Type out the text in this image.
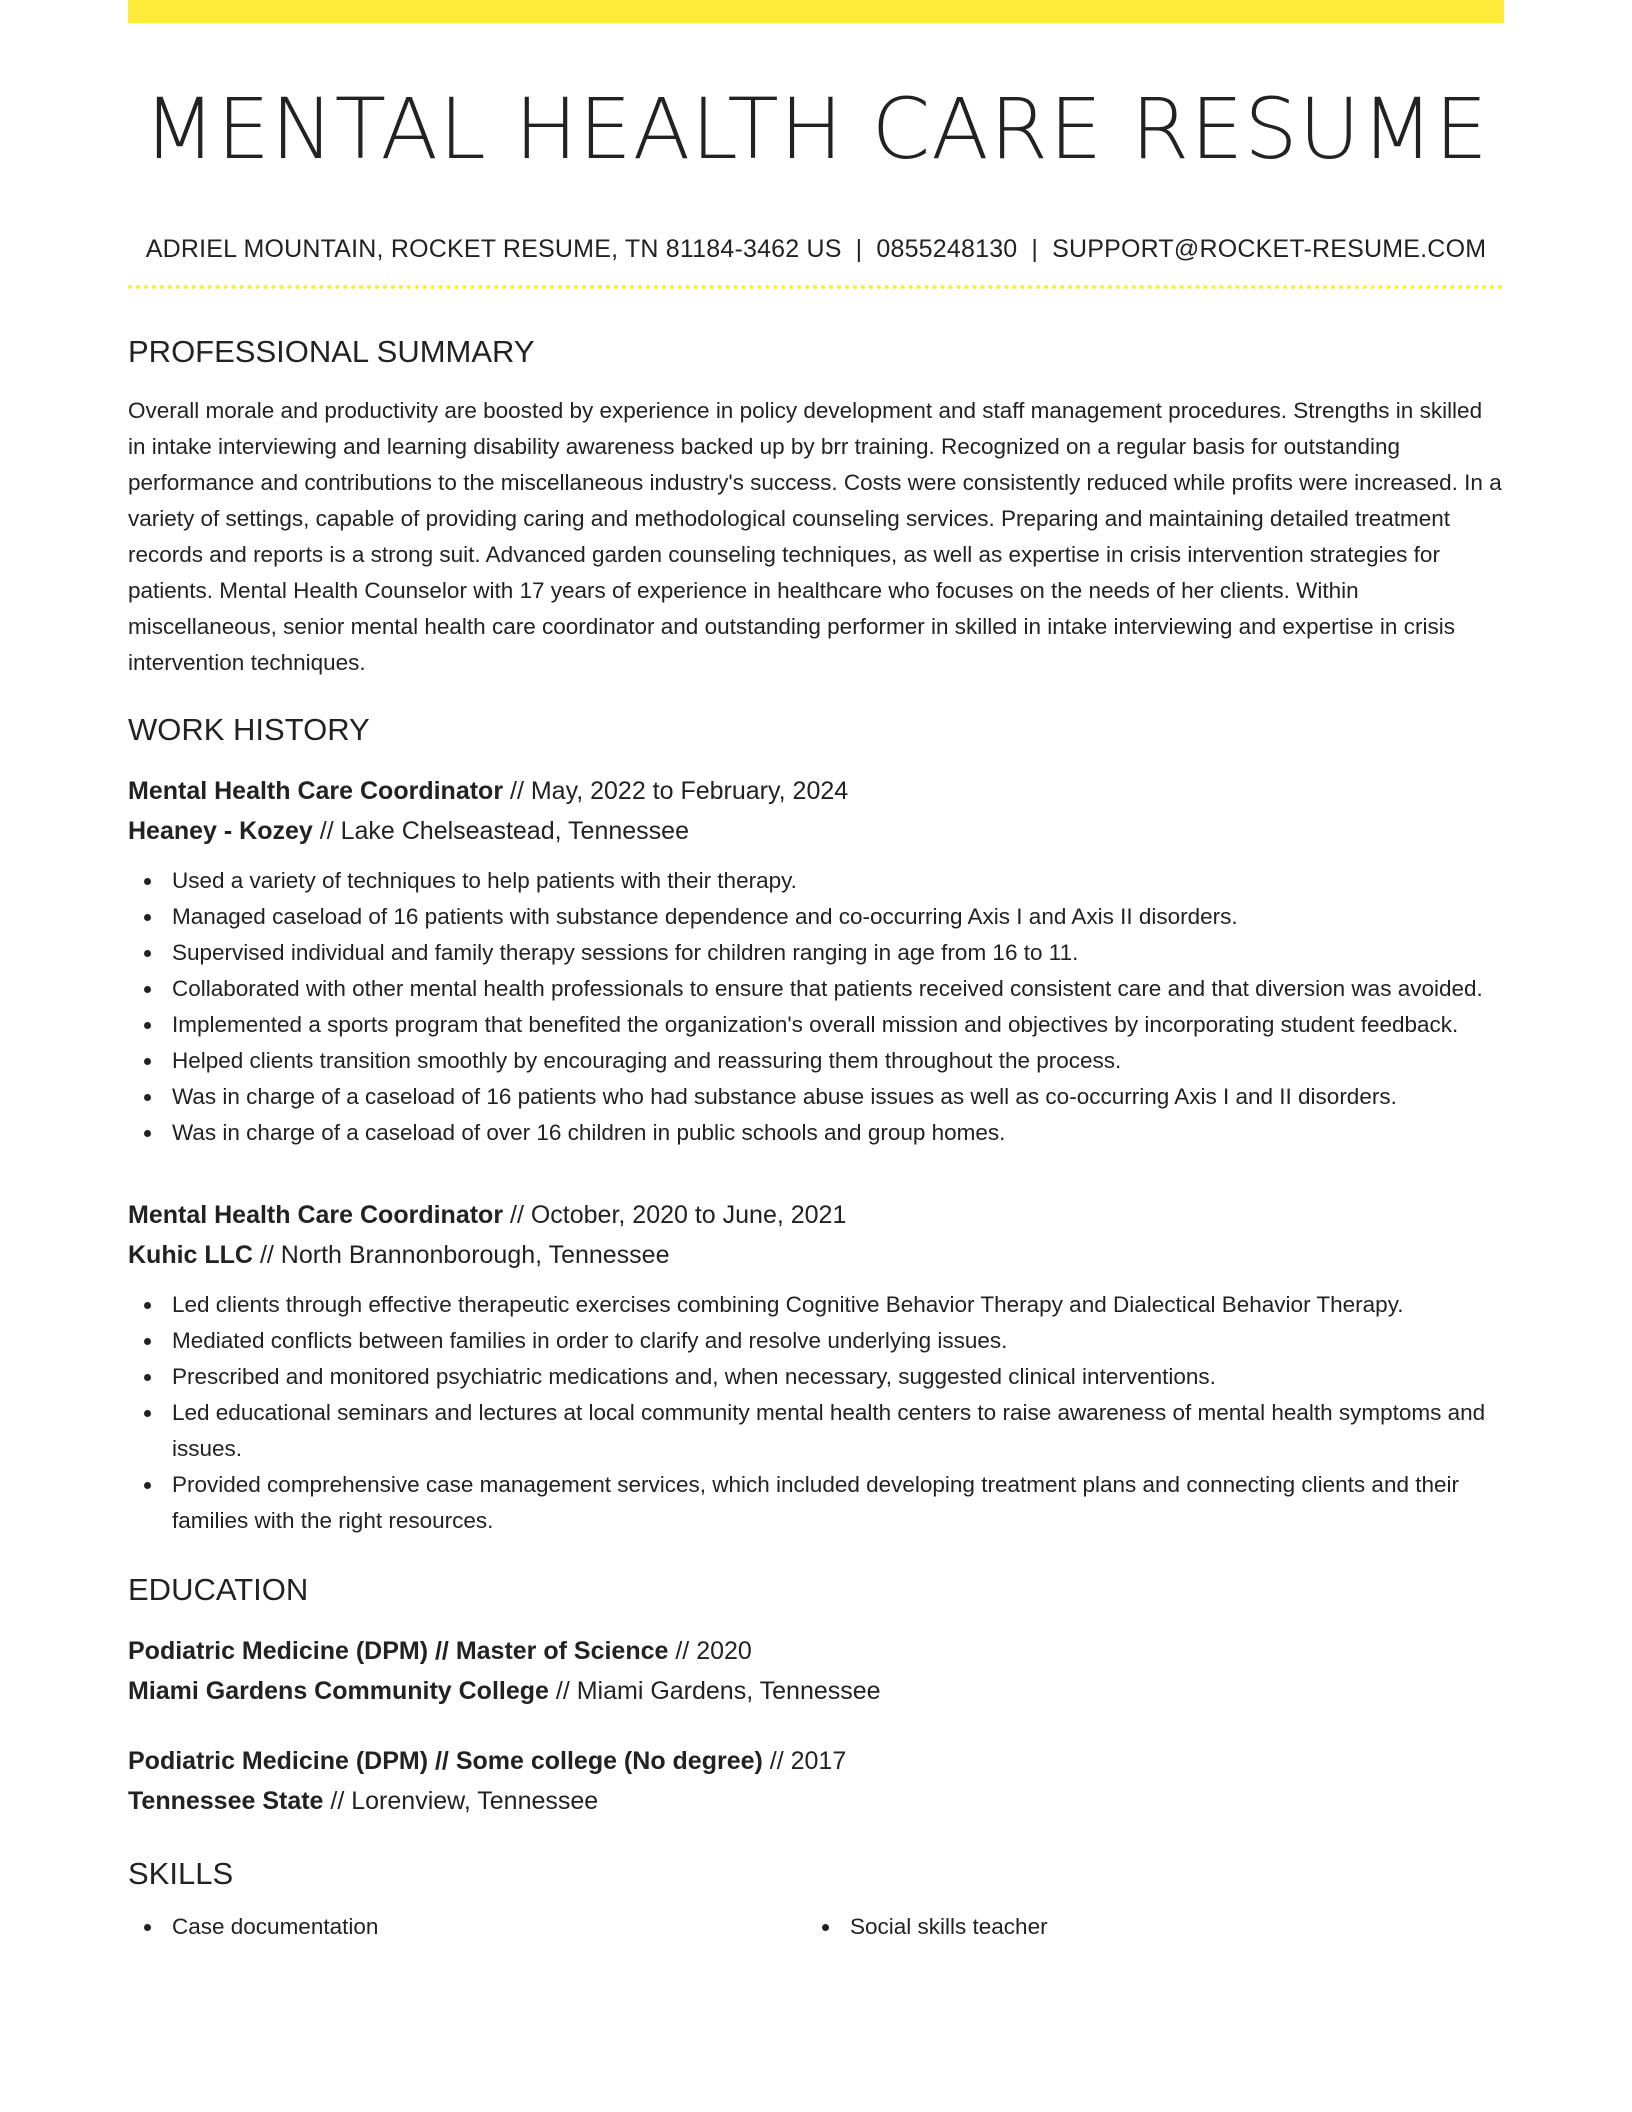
MENTAL HEALTH CARE RESUME
ADRIEL MOUNTAIN, ROCKET RESUME, TN 81184-3462 US | 0855248130 | SUPPORT@ROCKET-RESUME.COM
PROFESSIONAL SUMMARY

Overall morale and productivity are boosted by experience in policy development and staff management procedures. Strengths in skilled in intake interviewing and learning disability awareness backed up by brr training. Recognized on a regular basis for outstanding performance and contributions to the miscellaneous industry's success. Costs were consistently reduced while profits were increased. In a variety of settings, capable of providing caring and methodological counseling services. Preparing and maintaining detailed treatment records and reports is a strong suit. Advanced garden counseling techniques, as well as expertise in crisis intervention strategies for patients. Mental Health Counselor with 17 years of experience in healthcare who focuses on the needs of her clients. Within miscellaneous, senior mental health care coordinator and outstanding performer in skilled in intake interviewing and expertise in crisis intervention techniques.

WORK HISTORY
Mental Health Care Coordinator // May, 2022 to February, 2024
Heaney - Kozey // Lake Chelseastead, Tennessee
Used a variety of techniques to help patients with their therapy.
Managed caseload of 16 patients with substance dependence and co-occurring Axis I and Axis II disorders.
Supervised individual and family therapy sessions for children ranging in age from 16 to 11.
Collaborated with other mental health professionals to ensure that patients received consistent care and that diversion was avoided.
Implemented a sports program that benefited the organization's overall mission and objectives by incorporating student feedback.
Helped clients transition smoothly by encouraging and reassuring them throughout the process.
Was in charge of a caseload of 16 patients who had substance abuse issues as well as co-occurring Axis I and II disorders.
Was in charge of a caseload of over 16 children in public schools and group homes.
Mental Health Care Coordinator // October, 2020 to June, 2021
Kuhic LLC // North Brannonborough, Tennessee
Led clients through effective therapeutic exercises combining Cognitive Behavior Therapy and Dialectical Behavior Therapy.
Mediated conflicts between families in order to clarify and resolve underlying issues.
Prescribed and monitored psychiatric medications and, when necessary, suggested clinical interventions.
Led educational seminars and lectures at local community mental health centers to raise awareness of mental health symptoms and issues.
Provided comprehensive case management services, which included developing treatment plans and connecting clients and their families with the right resources.
EDUCATION
Podiatric Medicine (DPM) // Master of Science // 2020
Miami Gardens Community College // Miami Gardens, Tennessee
Podiatric Medicine (DPM) // Some college (No degree) // 2017
Tennessee State // Lorenview, Tennessee
SKILLS
Case documentation	Social skills teacher
